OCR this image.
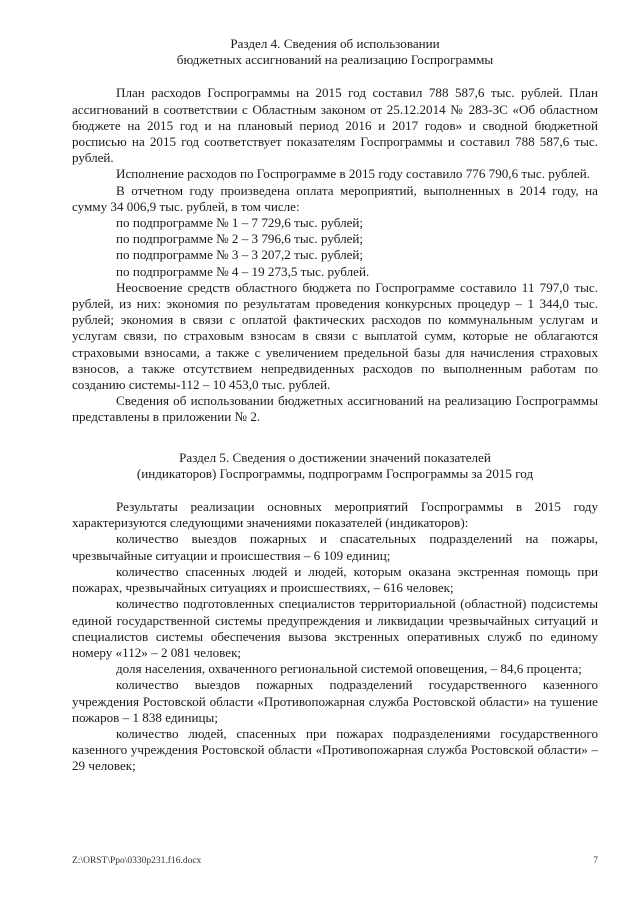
Раздел 4. Сведения об использовании
бюджетных ассигнований на реализацию Госпрограммы

План расходов Госпрограммы на 2015 год составил 788 587,6 тыс. рублей. План ассигнований в соответствии с Областным законом от 25.12.2014 № 283-ЗС «Об областном бюджете на 2015 год и на плановый период 2016 и 2017 годов» и сводной бюджетной росписью на 2015 год соответствует показателям Госпрограммы и составил 788 587,6 тыс. рублей.

Исполнение расходов по Госпрограмме в 2015 году составило 776 790,6 тыс. рублей.

В отчетном году произведена оплата мероприятий, выполненных в 2014 году, на сумму 34 006,9 тыс. рублей, в том числе:

по подпрограмме № 1 – 7 729,6 тыс. рублей;

по подпрограмме № 2 – 3 796,6 тыс. рублей;

по подпрограмме № 3 – 3 207,2 тыс. рублей;

по подпрограмме № 4 – 19 273,5 тыс. рублей.

Неосвоение средств областного бюджета по Госпрограмме составило 11 797,0 тыс. рублей, из них: экономия по результатам проведения конкурсных процедур – 1 344,0 тыс. рублей; экономия в связи с оплатой фактических расходов по коммунальным услугам и услугам связи, по страховым взносам в связи с выплатой сумм, которые не облагаются страховыми взносами, а также с увеличением предельной базы для начисления страховых взносов, а также отсутствием непредвиденных расходов по выполненным работам по созданию системы-112 – 10 453,0 тыс. рублей.

Сведения об использовании бюджетных ассигнований на реализацию Госпрограммы представлены в приложении № 2.

Раздел 5. Сведения о достижении значений показателей
(индикаторов) Госпрограммы, подпрограмм Госпрограммы за 2015 год

Результаты реализации основных мероприятий Госпрограммы в 2015 году характеризуются следующими значениями показателей (индикаторов):

количество выездов пожарных и спасательных подразделений на пожары, чрезвычайные ситуации и происшествия – 6 109 единиц;

количество спасенных людей и людей, которым оказана экстренная помощь при пожарах, чрезвычайных ситуациях и происшествиях, – 616 человек;

количество подготовленных специалистов территориальной (областной) подсистемы единой государственной системы предупреждения и ликвидации чрезвычайных ситуаций и специалистов системы обеспечения вызова экстренных оперативных служб по единому номеру «112» – 2 081 человек;

доля населения, охваченного региональной системой оповещения, – 84,6 процента;

количество выездов пожарных подразделений государственного казенного учреждения Ростовской области «Противопожарная служба Ростовской области» на тушение пожаров – 1 838 единицы;

количество людей, спасенных при пожарах подразделениями государственного казенного учреждения Ростовской области «Противопожарная служба Ростовской области» – 29 человек;

Z:\ORST\Ppo\0330p231.f16.docx	7
